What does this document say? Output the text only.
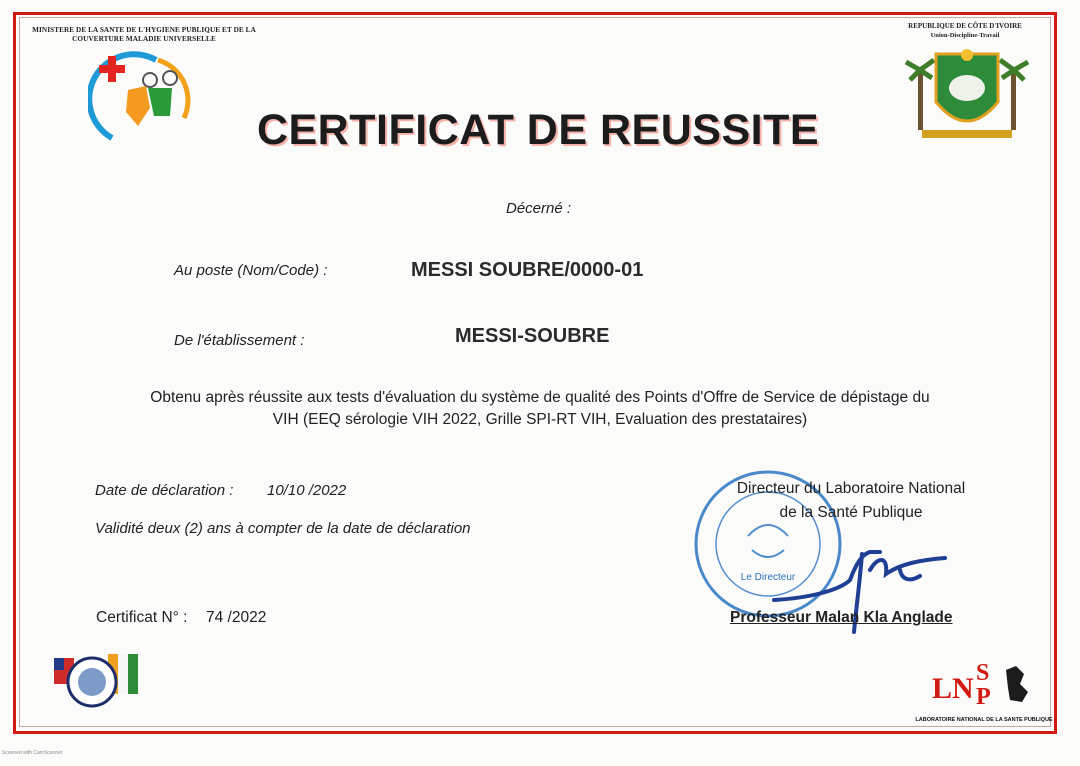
MINISTERE DE LA SANTE DE L'HYGIENE PUBLIQUE ET DE LA COUVERTURE MALADIE UNIVERSELLE
REPUBLIQUE DE CÔTE D'IVOIRE
Union-Discipline-Travail
CERTIFICAT DE REUSSITE
Décerné :
Au poste (Nom/Code) :	MESSI SOUBRE/0000-01
De l'établissement :	MESSI-SOUBRE
Obtenu après réussite aux tests d'évaluation du système de qualité des Points d'Offre de Service de dépistage du VIH (EEQ sérologie VIH 2022, Grille SPI-RT VIH, Evaluation des prestataires)
Date de déclaration : 10/10 /2022
Validité deux (2) ans à compter de la date de déclaration
Certificat N° : 74 /2022
Le Directeur
Directeur du Laboratoire National
de la Santé Publique
Professeur Malan Kla Anglade
LN S
P
LABORATOIRE NATIONAL DE LA SANTE PUBLIQUE
Scanned with CamScanner
